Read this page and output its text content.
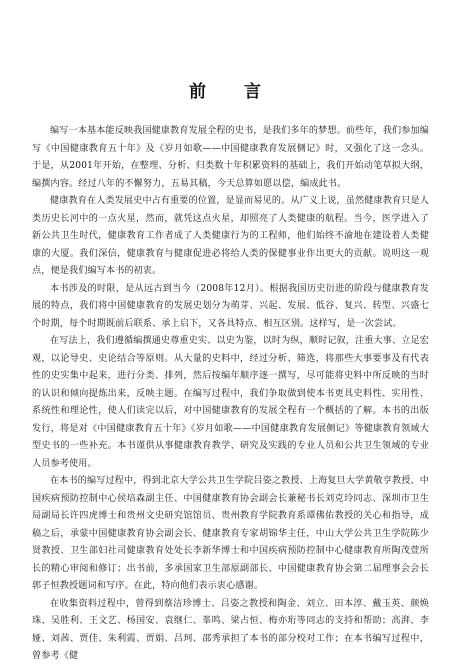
前 言

编写一本基本能反映我国健康教育发展全程的史书，是我们多年的梦想。前些年，我们参加编写《中国健康教育五十年》及《岁月如歌——中国健康教育发展侧记》时，又强化了这一念头。于是，从2001年开始，在整理、分析、归类数十年积累资料的基础上，我们开始动笔草拟大纲，编撰内容。经过八年的不懈努力，五易其稿，今天总算如愿以偿，编成此书。

健康教育在人类发展史中占有重要的位置，是显而易见的。从广义上说，虽然健康教育只是人类历史长河中的一点火星，然而，就凭这点火星，却照亮了人类健康的航程。当今，医学进入了新公共卫生时代，健康教育工作者成了人类健康行为的工程师，他们始终不渝地在建设着人类健康的大厦。我们深信，健康教育与健康促进必将给人类的保健事业作出更大的贡献。说明这一观点，便是我们编写本书的初衷。

本书涉及的时限，是从远古到当今（2008年12月）。根据我国历史衍进的阶段与健康教育发展的特点，我们将中国健康教育的发展史划分为萌芽、兴起、发展、低谷、复兴、转型、兴盛七个时期，每个时期既前后联系、承上启下，又各具特点、相互区别。这样写，是一次尝试。

在写法上，我们遵循编撰通史尊重史实、以史为鉴，以时为纵，顺时记叙，注重大事、立足宏观，以论导史、史论结合等原则。从大量的史料中，经过分析、筛选，将那些大事要事及有代表性的史实集中起来，进行分类、排列，然后按编年顺序逐一撰写，尽可能将史料中所反映的当时的认识和倾向提炼出来，反映主题。在编写过程中，我们争取做到使本书更具史料性、实用性、系统性和理论性，使人们读完以后，对中国健康教育的发展全程有一个概括的了解。本书的出版发行，将是对《中国健康教育五十年》《岁月如歌——中国健康教育发展侧记》等健康教育领域大型史书的一些补充。本书谨供从事健康教育教学、研究及实践的专业人员和公共卫生领域的专业人员参考使用。

在本书的编写过程中，得到北京大学公共卫生学院吕姿之教授、上海复旦大学黄敬亨教授、中国疾病预防控制中心侯培森副主任、中国健康教育协会副会长兼秘书长刘克玲同志、深圳市卫生局副局长许四虎博士和贵州文史研究馆馆员、贵州教育学院教育系谭佛佑教授的关心和指导，成稿之后，承蒙中国健康教育协会副会长、健康教育专家胡锦华主任，中山大学公共卫生学院陈少贤教授、卫生部妇社司健康教育处处长李新华博士和中国疾病预防控制中心健康教育所陶茂萱所长的精心审阅和修订；出书前，多承国家卫生部原副部长、中国健康教育协会第二届理事会会长郭子恒教授题词和写序。在此，特向他们表示衷心感谢。

在收集资料过程中，曾得到蔡洁珍博士、吕姿之教授和陶金、刘立、田本淳、戴玉英、颜焕珠、吴胜利、王文艺、杨国安、袁继仁、峯鸣、梁占恒、梅亦珩等同志的支持和帮助；高湃、李娅、刘茜、贾佳、朱利霞、贾娟、吕珂、邵秀承担了本书的部分校对工作；在本书编写过程中，曾参考《健
